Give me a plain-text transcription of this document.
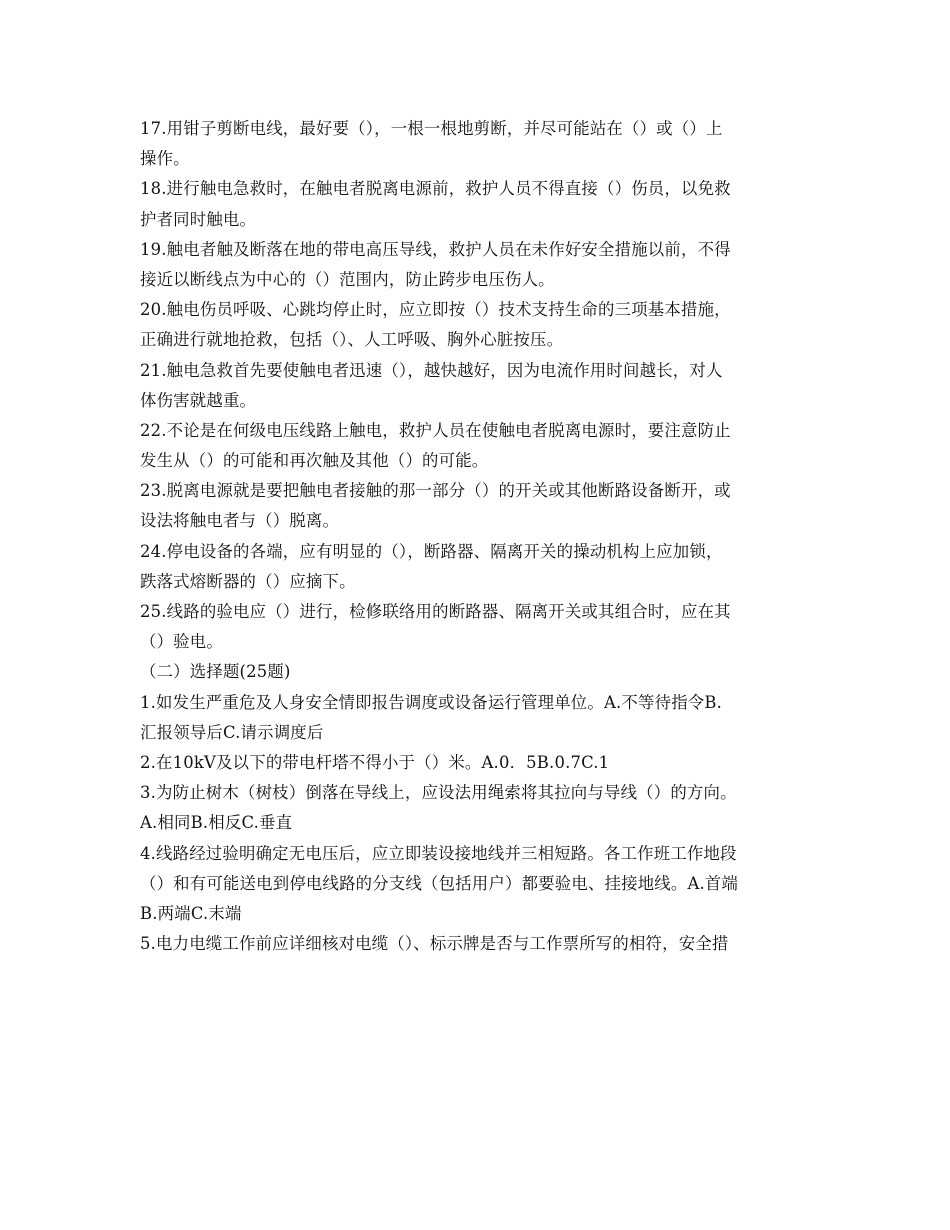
17.用钳子剪断电线，最好要（），一根一根地剪断，并尽可能站在（）或（）上
操作。
18.进行触电急救时，在触电者脱离电源前，救护人员不得直接（）伤员，以免救
护者同时触电。
19.触电者触及断落在地的带电高压导线，救护人员在未作好安全措施以前，不得
接近以断线点为中心的（）范围内，防止跨步电压伤人。
20.触电伤员呼吸、心跳均停止时，应立即按（）技术支持生命的三项基本措施，
正确进行就地抢救，包括（）、人工呼吸、胸外心脏按压。
21.触电急救首先要使触电者迅速（），越快越好，因为电流作用时间越长，对人
体伤害就越重。
22.不论是在何级电压线路上触电，救护人员在使触电者脱离电源时，要注意防止
发生从（）的可能和再次触及其他（）的可能。
23.脱离电源就是要把触电者接触的那一部分（）的开关或其他断路设备断开，或
设法将触电者与（）脱离。
24.停电设备的各端，应有明显的（），断路器、隔离开关的操动机构上应加锁，
跌落式熔断器的（）应摘下。
25.线路的验电应（）进行，检修联络用的断路器、隔离开关或其组合时，应在其
（）验电。
（二）选择题(25题)
1.如发生严重危及人身安全情即报告调度或设备运行管理单位。A.不等待指令B.
汇报领导后C.请示调度后
2.在10kV及以下的带电杆塔不得小于（）米。A.0．5B.0.7C.1
3.为防止树木（树枝）倒落在导线上，应设法用绳索将其拉向与导线（）的方向。
A.相同B.相反C.垂直
4.线路经过验明确定无电压后，应立即装设接地线并三相短路。各工作班工作地段
（）和有可能送电到停电线路的分支线（包括用户）都要验电、挂接地线。A.首端
B.两端C.末端
5.电力电缆工作前应详细核对电缆（）、标示牌是否与工作票所写的相符，安全措
